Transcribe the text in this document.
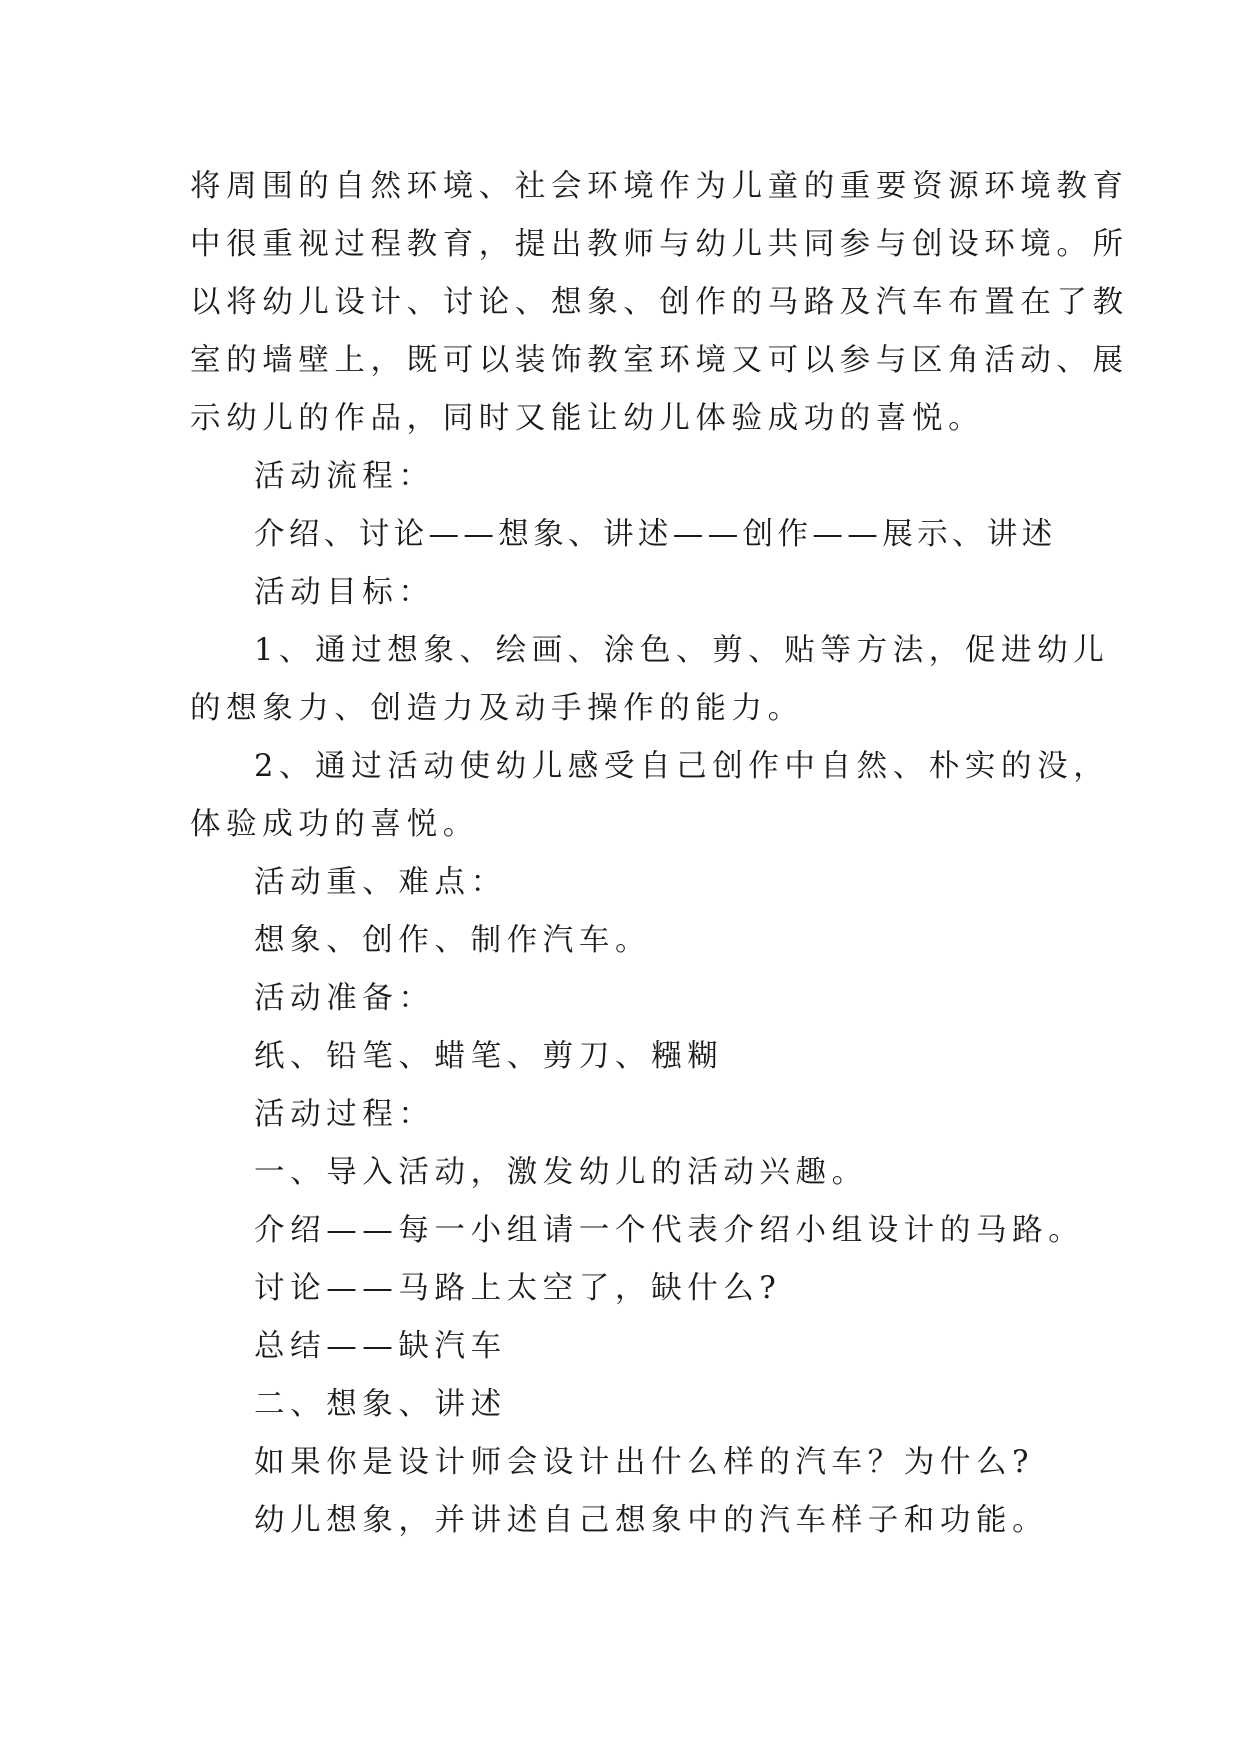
将周围的自然环境、社会环境作为儿童的重要资源环境教育

中很重视过程教育，提出教师与幼儿共同参与创设环境。所

以将幼儿设计、讨论、想象、创作的马路及汽车布置在了教

室的墙壁上，既可以装饰教室环境又可以参与区角活动、展

示幼儿的作品，同时又能让幼儿体验成功的喜悦。

活动流程：

介绍、讨论——想象、讲述——创作——展示、讲述

活动目标：

1、通过想象、绘画、涂色、剪、贴等方法，促进幼儿

的想象力、创造力及动手操作的能力。

2、通过活动使幼儿感受自己创作中自然、朴实的没，

体验成功的喜悦。

活动重、难点：

想象、创作、制作汽车。

活动准备：

纸、铅笔、蜡笔、剪刀、糨糊

活动过程：

一、导入活动，激发幼儿的活动兴趣。

介绍——每一小组请一个代表介绍小组设计的马路。

讨论——马路上太空了，缺什么?

总结——缺汽车

二、想象、讲述

如果你是设计师会设计出什么样的汽车？为什么?

幼儿想象，并讲述自己想象中的汽车样子和功能。
